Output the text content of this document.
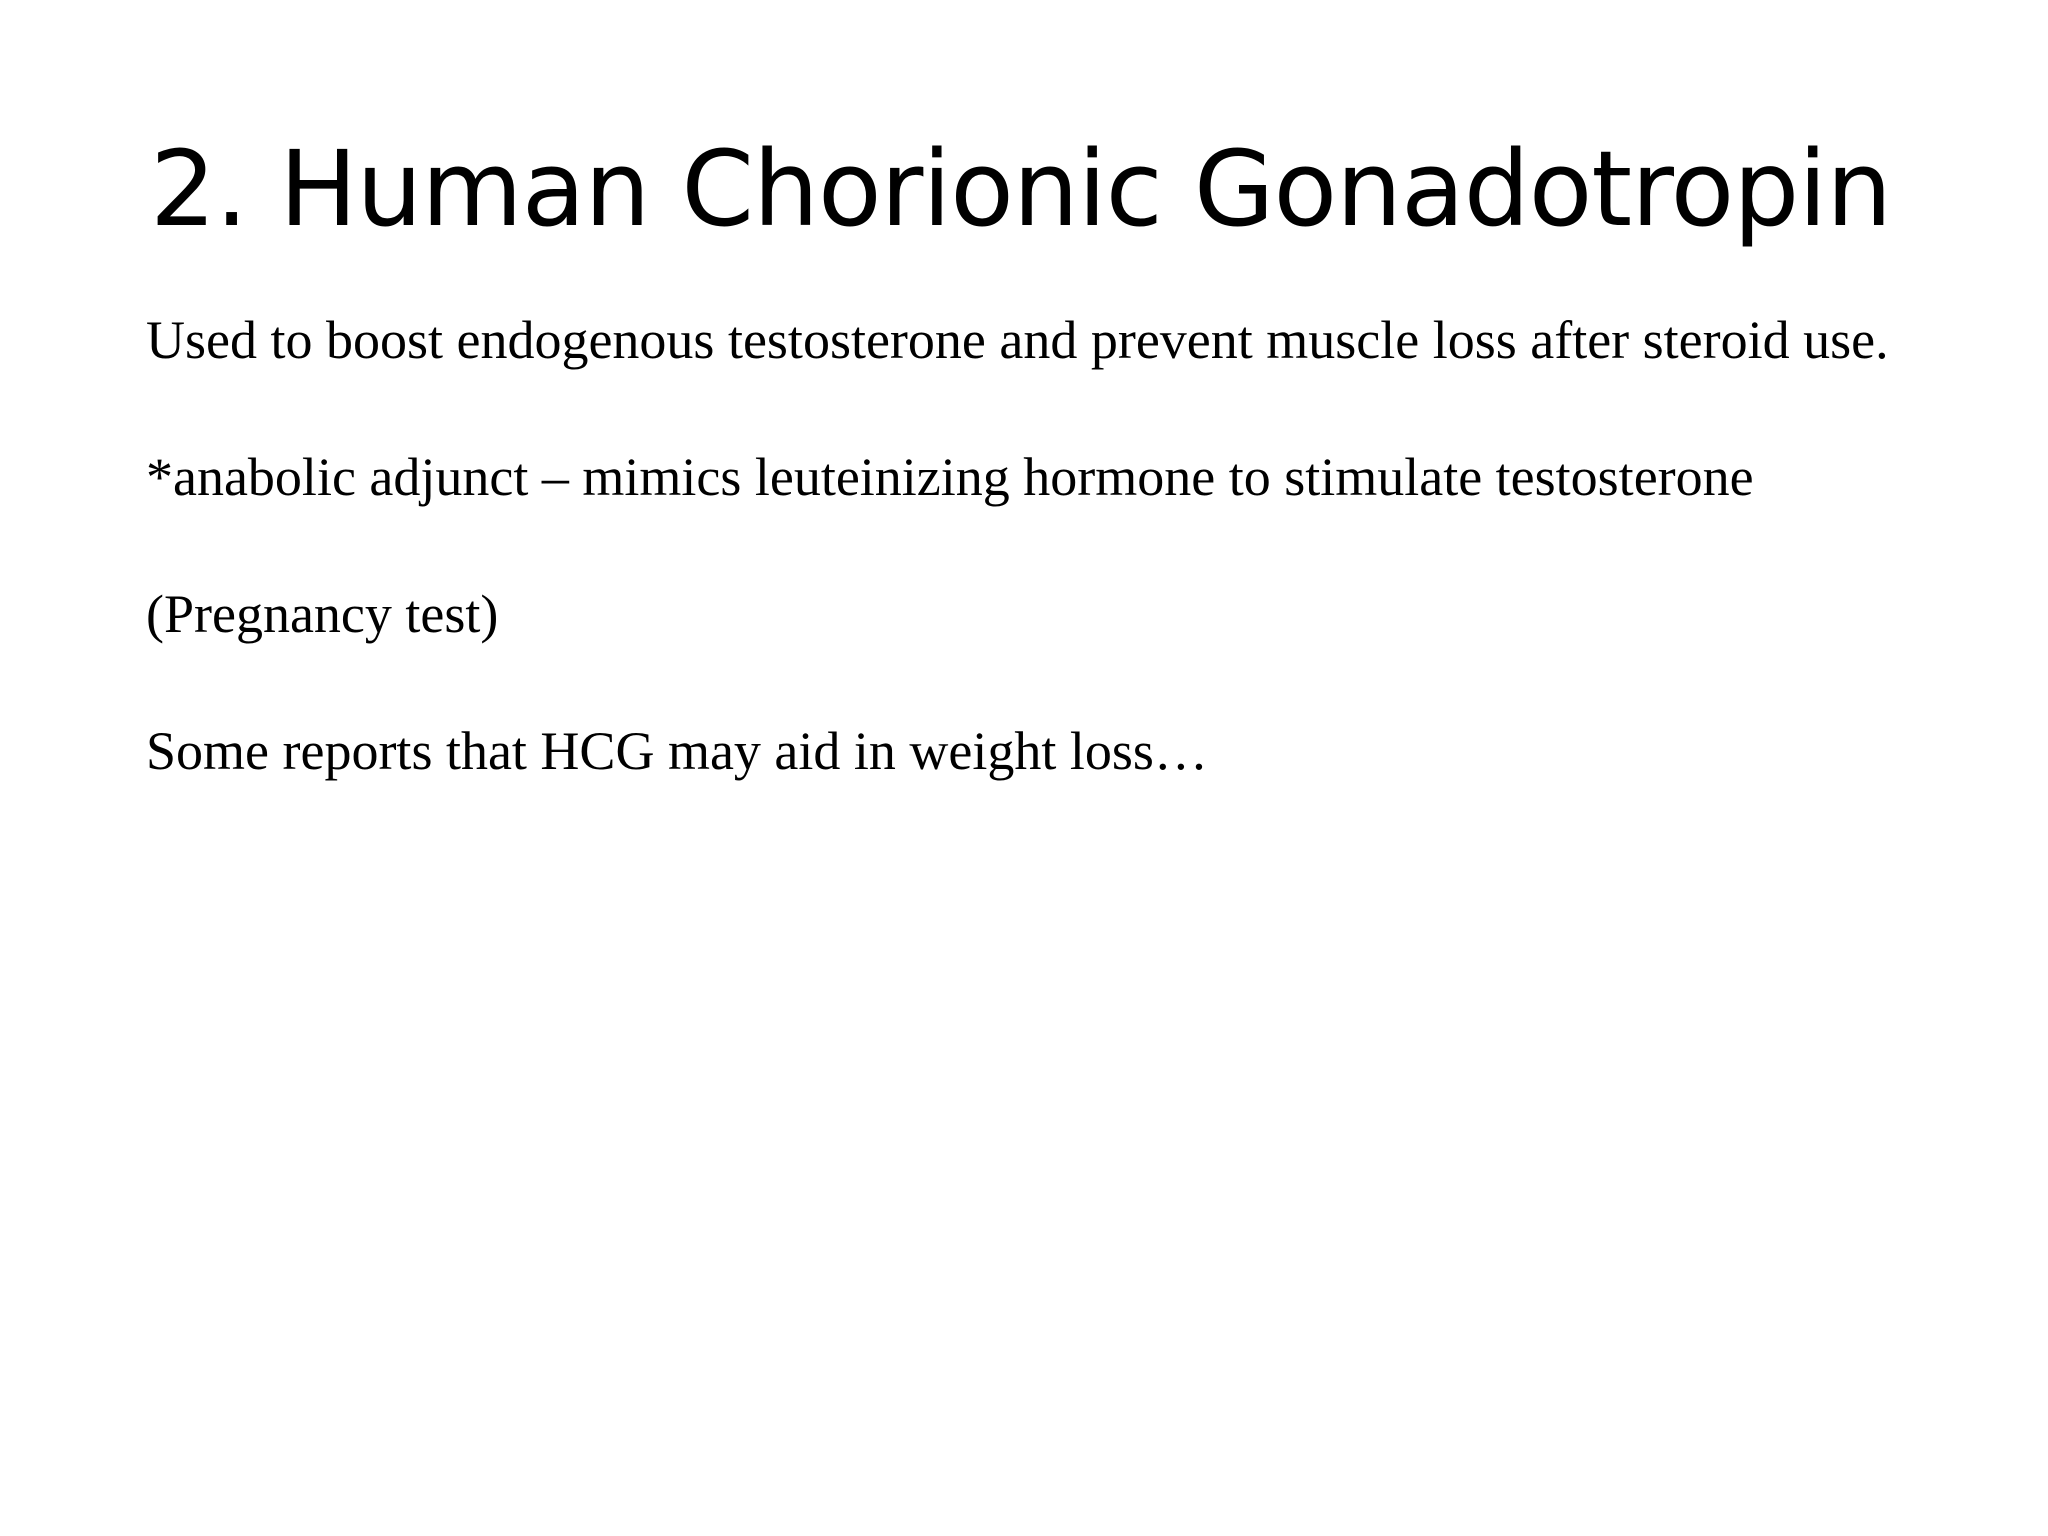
2. Human Chorionic Gonadotropin
Used to boost endogenous testosterone and prevent muscle loss after steroid use.
*anabolic adjunct – mimics leuteinizing hormone to stimulate testosterone
(Pregnancy test)
Some reports that HCG may aid in weight loss…
